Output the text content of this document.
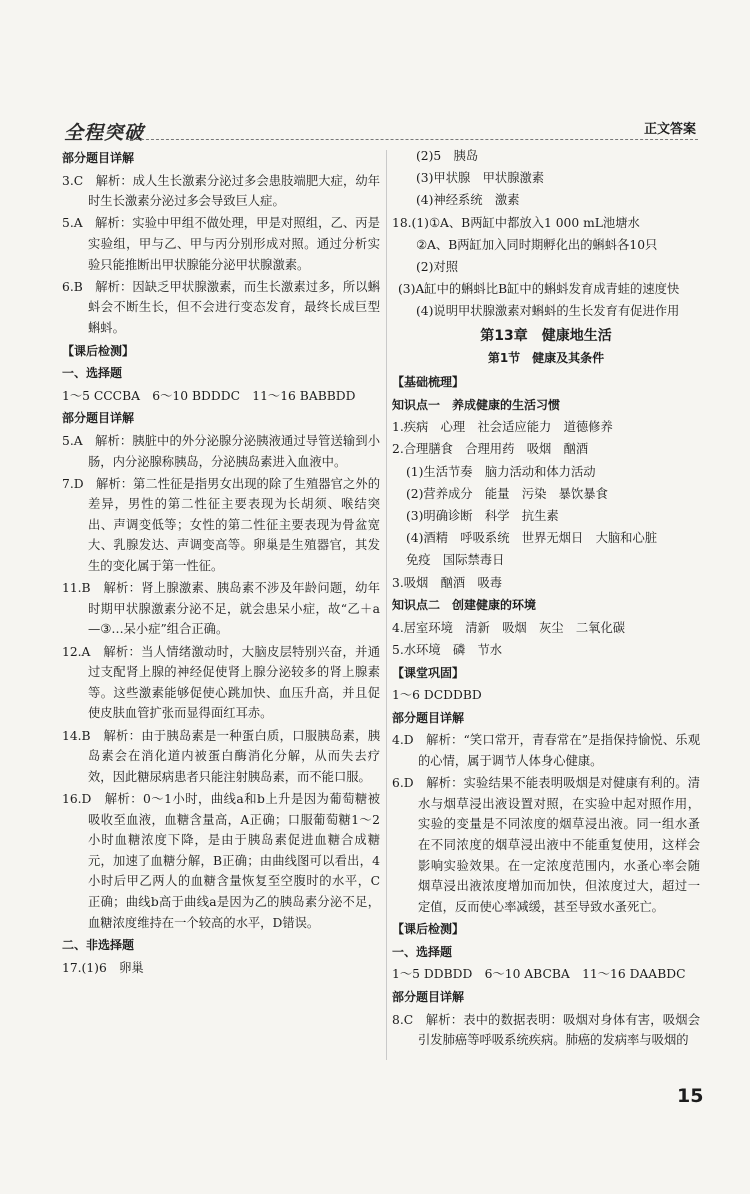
全程突破	正文答案
部分题目详解
3.C　解析：成人生长激素分泌过多会患肢端肥大症，幼年时生长激素分泌过多会导致巨人症。
5.A　解析：实验中甲组不做处理，甲是对照组，乙、丙是实验组，甲与乙、甲与丙分别形成对照。通过分析实验只能推断出甲状腺能分泌甲状腺激素。
6.B　解析：因缺乏甲状腺激素，而生长激素过多，所以蝌蚪会不断生长，但不会进行变态发育，最终长成巨型蝌蚪。
【课后检测】
一、选择题
1～5 CCCBA　6～10 BDDDC　11～16 BABBDD
部分题目详解
5.A　解析：胰脏中的外分泌腺分泌胰液通过导管送输到小肠，内分泌腺称胰岛，分泌胰岛素进入血液中。
7.D　解析：第二性征是指男女出现的除了生殖器官之外的差异，男性的第二性征主要表现为长胡须、喉结突出、声调变低等；女性的第二性征主要表现为骨盆宽大、乳腺发达、声调变高等。卵巢是生殖器官，其发生的变化属于第一性征。
11.B　解析：肾上腺激素、胰岛素不涉及年龄问题，幼年时期甲状腺激素分泌不足，就会患呆小症，故“乙＋a—③…呆小症”组合正确。
12.A　解析：当人情绪激动时，大脑皮层特别兴奋，并通过支配肾上腺的神经促使肾上腺分泌较多的肾上腺素等。这些激素能够促使心跳加快、血压升高，并且促使皮肤血管扩张而显得面红耳赤。
14.B　解析：由于胰岛素是一种蛋白质，口服胰岛素，胰岛素会在消化道内被蛋白酶消化分解，从而失去疗效，因此糖尿病患者只能注射胰岛素，而不能口服。
16.D　解析：0～1小时，曲线a和b上升是因为葡萄糖被吸收至血液，血糖含量高，A正确；口服葡萄糖1～2小时血糖浓度下降，是由于胰岛素促进血糖合成糖元，加速了血糖分解，B正确；由曲线图可以看出，4小时后甲乙两人的血糖含量恢复至空腹时的水平，C正确；曲线b高于曲线a是因为乙的胰岛素分泌不足，血糖浓度维持在一个较高的水平，D错误。
二、非选择题
17.(1)6　卵巢
(2)5　胰岛
(3)甲状腺　甲状腺激素
(4)神经系统　激素
18.(1)①A、B两缸中都放入1 000 mL池塘水
②A、B两缸加入同时期孵化出的蝌蚪各10只
(2)对照
(3)A缸中的蝌蚪比B缸中的蝌蚪发育成青蛙的速度快
(4)说明甲状腺激素对蝌蚪的生长发育有促进作用
第13章　健康地生活
第1节　健康及其条件
【基础梳理】
知识点一　养成健康的生活习惯
1.疾病　心理　社会适应能力　道德修养
2.合理膳食　合理用药　吸烟　酗酒
(1)生活节奏　脑力活动和体力活动
(2)营养成分　能量　污染　暴饮暴食
(3)明确诊断　科学　抗生素
(4)酒精　呼吸系统　世界无烟日　大脑和心脏
免疫　国际禁毒日
3.吸烟　酗酒　吸毒
知识点二　创建健康的环境
4.居室环境　清新　吸烟　灰尘　二氧化碳
5.水环境　磷　节水
【课堂巩固】
1～6 DCDDBD
部分题目详解
4.D　解析：“笑口常开，青春常在”是指保持愉悦、乐观的心情，属于调节人体身心健康。
6.D　解析：实验结果不能表明吸烟是对健康有利的。清水与烟草浸出液设置对照，在实验中起对照作用，实验的变量是不同浓度的烟草浸出液。同一组水蚤在不同浓度的烟草浸出液中不能重复使用，这样会影响实验效果。在一定浓度范围内，水蚤心率会随烟草浸出液浓度增加而加快，但浓度过大，超过一定值，反而使心率减缓，甚至导致水蚤死亡。
【课后检测】
一、选择题
1～5 DDBDD　6～10 ABCBA　11～16 DAABDC
部分题目详解
8.C　解析：表中的数据表明：吸烟对身体有害，吸烟会引发肺癌等呼吸系统疾病。肺癌的发病率与吸烟的
15
